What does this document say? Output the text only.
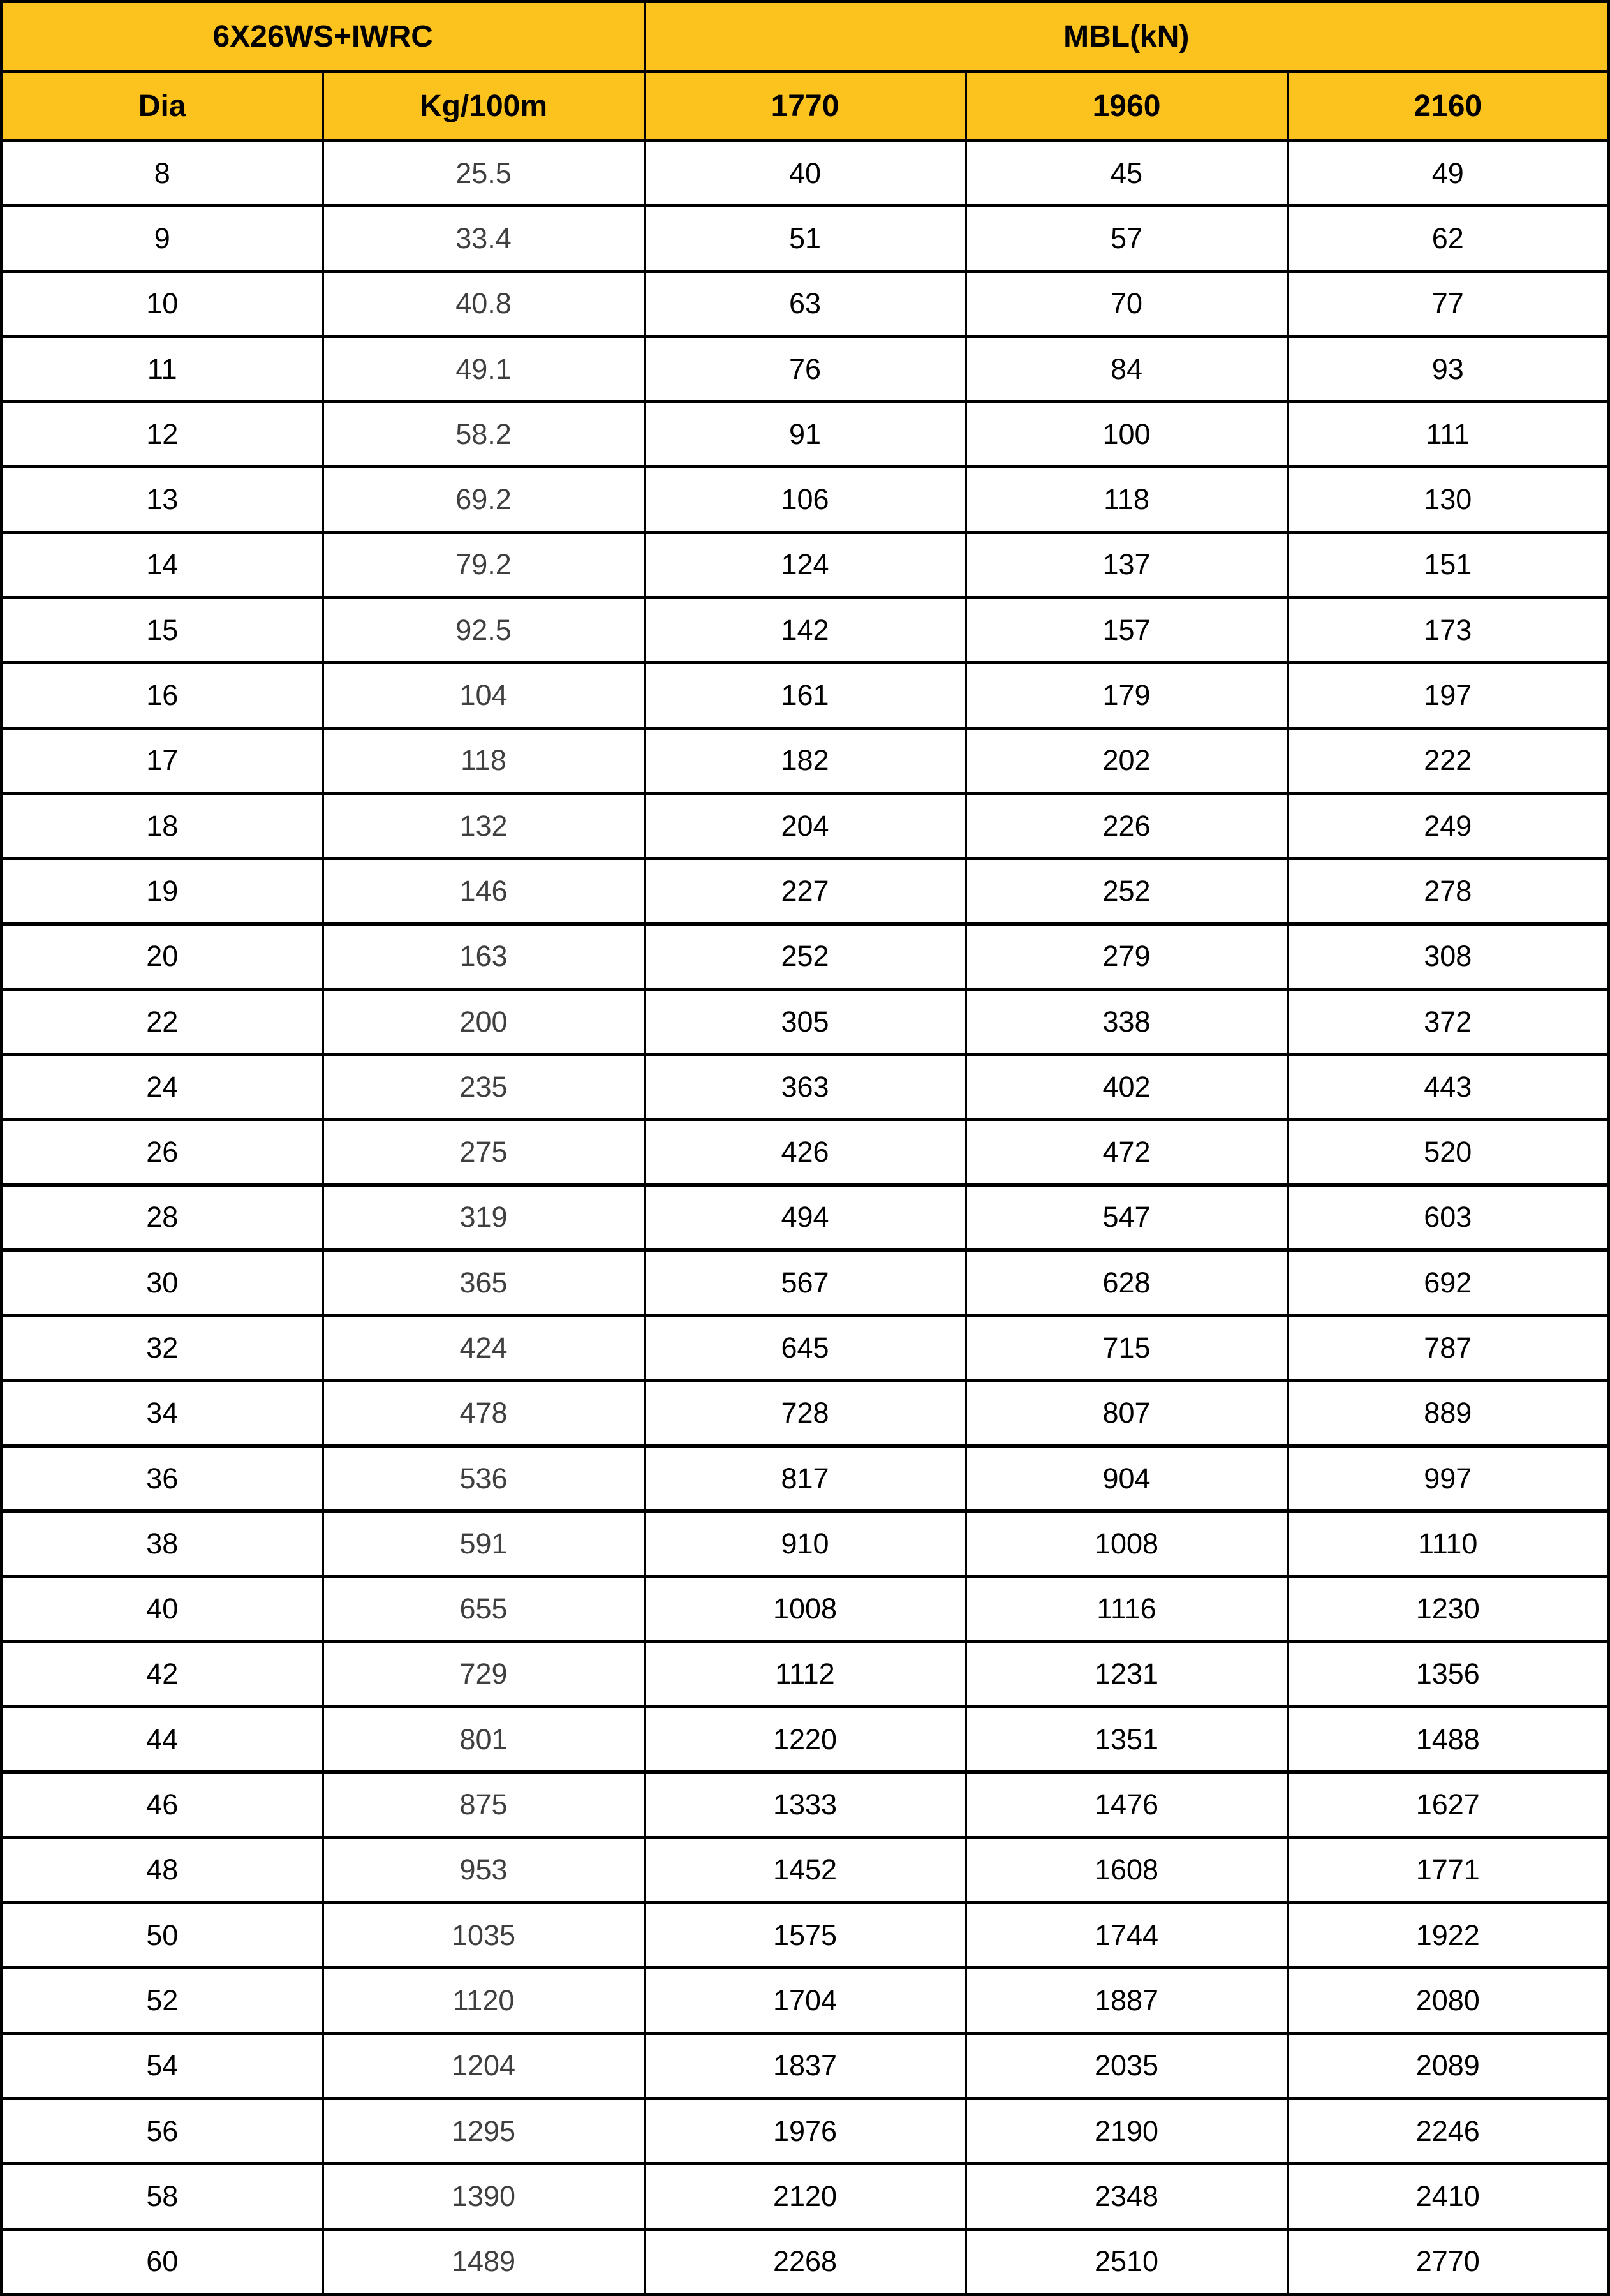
6X26WS+IWRC		MBL(kN)		
Dia	Kg/100m	1770	1960	2160
8	25.5	40	45	49
9	33.4	51	57	62
10	40.8	63	70	77
11	49.1	76	84	93
12	58.2	91	100	111
13	69.2	106	118	130
14	79.2	124	137	151
15	92.5	142	157	173
16	104	161	179	197
17	118	182	202	222
18	132	204	226	249
19	146	227	252	278
20	163	252	279	308
22	200	305	338	372
24	235	363	402	443
26	275	426	472	520
28	319	494	547	603
30	365	567	628	692
32	424	645	715	787
34	478	728	807	889
36	536	817	904	997
38	591	910	1008	1110
40	655	1008	1116	1230
42	729	1112	1231	1356
44	801	1220	1351	1488
46	875	1333	1476	1627
48	953	1452	1608	1771
50	1035	1575	1744	1922
52	1120	1704	1887	2080
54	1204	1837	2035	2089
56	1295	1976	2190	2246
58	1390	2120	2348	2410
60	1489	2268	2510	2770
